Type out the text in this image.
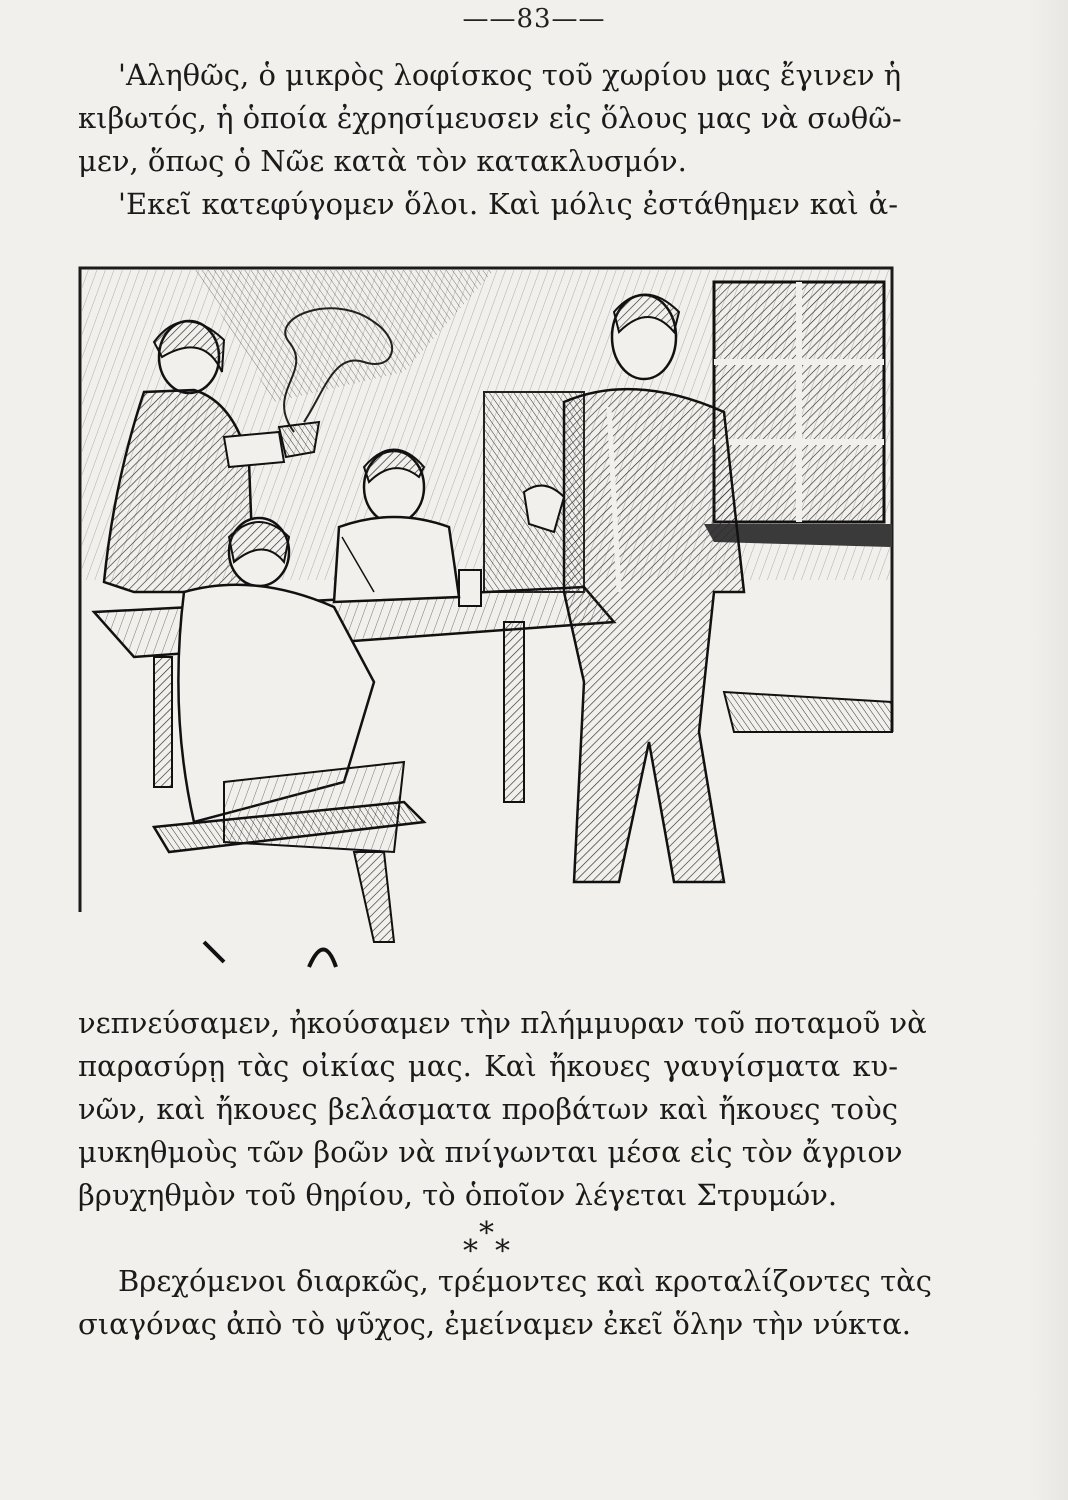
——83——
'Αληθῶς, ὁ μικρὸς λοφίσκος τοῦ χωρίου μας ἔγινεν ἡ
κιβωτός, ἡ ὁποία ἐχρησίμευσεν εἰς ὅλους μας νὰ σωθῶ-
μεν, ὅπως ὁ Νῶε κατὰ τὸν κατακλυσμόν.
'Εκεῖ κατεφύγομεν ὅλοι. Καὶ μόλις ἐστάθημεν καὶ ἀ-
νεπνεύσαμεν, ἠκούσαμεν τὴν πλήμμυραν τοῦ ποταμοῦ νὰ
παρασύρῃ τὰς οἰκίας μας. Καὶ ἤκουες γαυγίσματα κυ-
νῶν, καὶ ἤκουες βελάσματα προβάτων καὶ ἤκουες τοὺς
μυκηθμοὺς τῶν βοῶν νὰ πνίγωνται μέσα εἰς τὸν ἄγριον
βρυχηθμὸν τοῦ θηρίου, τὸ ὁποῖον λέγεται Στρυμών.
*
*
*
Βρεχόμενοι διαρκῶς, τρέμοντες καὶ κροταλίζοντες τὰς
σιαγόνας ἀπὸ τὸ ψῦχος, ἐμείναμεν ἐκεῖ ὅλην τὴν νύκτα.
